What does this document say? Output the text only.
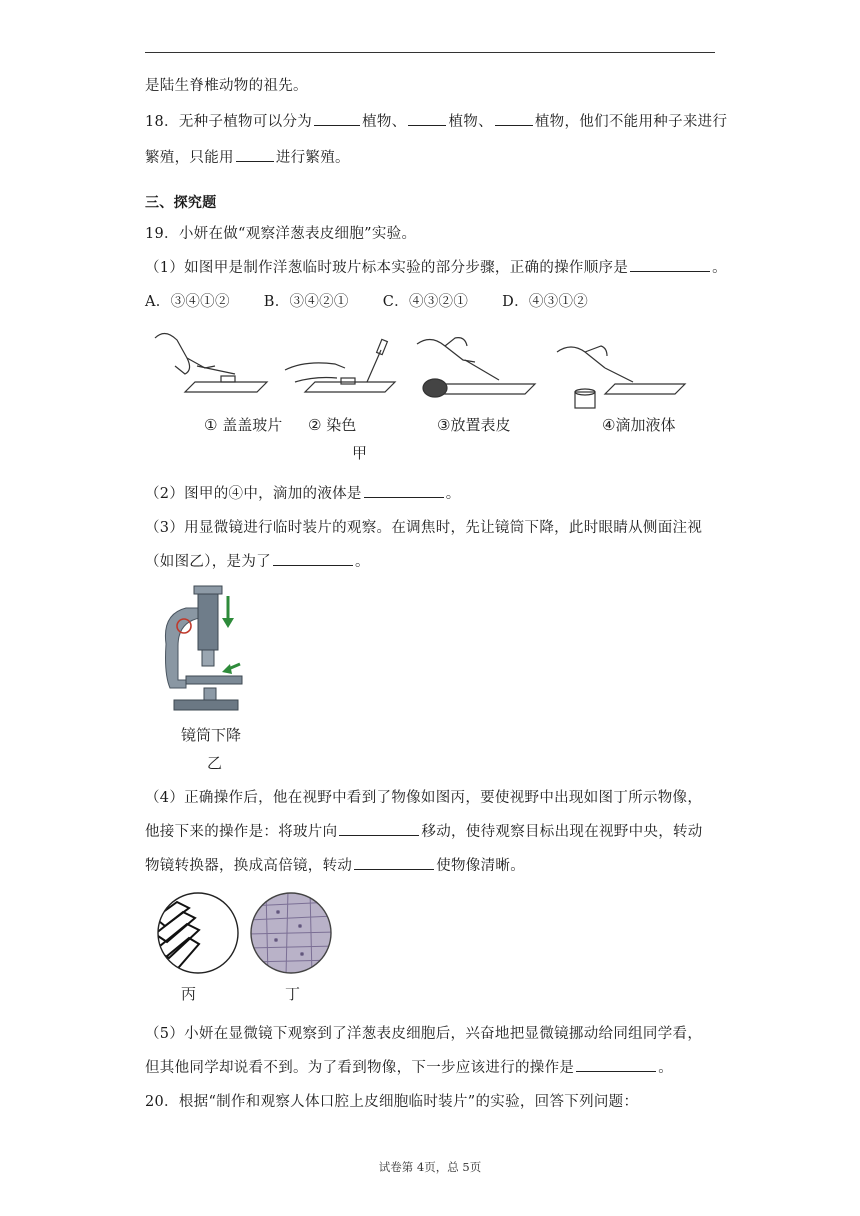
是陆生脊椎动物的祖先。
18．无种子植物可以分为	植物、	植物、	植物，他们不能用种子来进行
繁殖，只能用	进行繁殖。
三、探究题
19．小妍在做“观察洋葱表皮细胞”实验。
（1）如图甲是制作洋葱临时玻片标本实验的部分步骤，正确的操作顺序是	。
A．③④①② B．③④②① C．④③②① D．④③①②
① 盖盖玻片 ② 染色	③放置表皮	④滴加液体
甲
（2）图甲的④中，滴加的液体是	。
（3）用显微镜进行临时装片的观察。在调焦时，先让镜筒下降，此时眼睛从侧面注视
（如图乙），是为了	。
镜筒下降
乙
（4）正确操作后，他在视野中看到了物像如图丙，要使视野中出现如图丁所示物像，
他接下来的操作是：将玻片向	移动，使待观察目标出现在视野中央，转动
物镜转换器，换成高倍镜，转动	使物像清晰。
丙	丁
（5）小妍在显微镜下观察到了洋葱表皮细胞后，兴奋地把显微镜挪动给同组同学看，
但其他同学却说看不到。为了看到物像，下一步应该进行的操作是	。
20．根据“制作和观察人体口腔上皮细胞临时装片”的实验，回答下列问题：
试卷第 4页，总 5页
